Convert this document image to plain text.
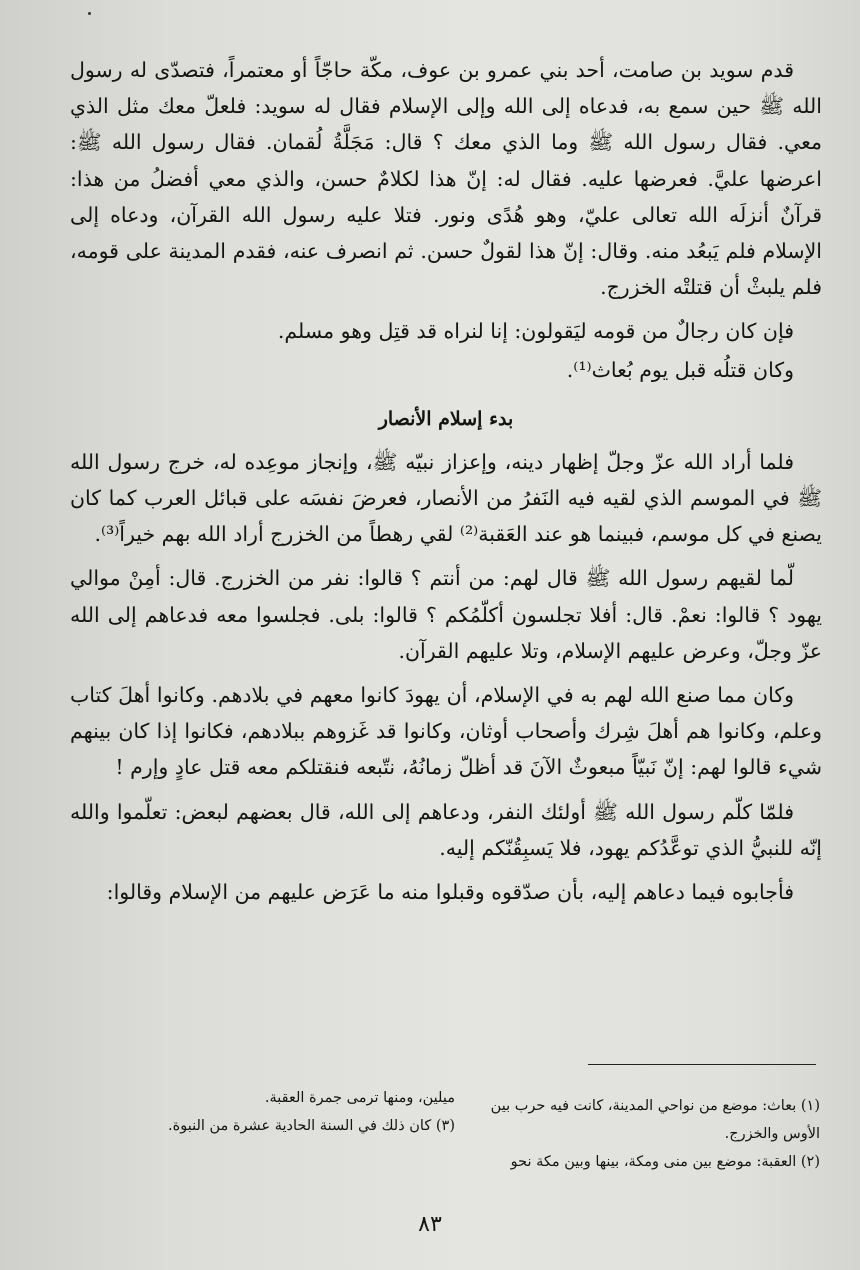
قدم سويد بن صامت، أحد بني عمرو بن عوف، مكّة حاجّاً أو معتمراً، فتصدّى له رسول الله ﷺ حين سمع به، فدعاه إلى الله وإلى الإسلام فقال له سويد: فلعلّ معك مثل الذي معي. فقال رسول الله ﷺ وما الذي معك ؟ قال: مَجَلَّةُ لُقمان. فقال رسول الله ﷺ: اعرضها عليَّ. فعرضها عليه. فقال له: إنّ هذا لكلامٌ حسن، والذي معي أفضلُ من هذا: قرآنٌ أنزلَه الله تعالى عليّ، وهو هُدًى ونور. فتلا عليه رسول الله القرآن، ودعاه إلى الإسلام فلم يَبعُد منه. وقال: إنّ هذا لقولٌ حسن. ثم انصرف عنه، فقدم المدينة على قومه، فلم يلبثْ أن قتلتْه الخزرج.

فإن كان رجالٌ من قومه ليَقولون: إنا لنراه قد قتِل وهو مسلم.

وكان قتلُه قبل يوم بُعاث⁽¹⁾.

بدء إسلام الأنصار

فلما أراد الله عزّ وجلّ إظهار دينه، وإعزاز نبيّه ﷺ، وإنجاز موعِده له، خرج رسول الله ﷺ في الموسم الذي لقيه فيه النَفرُ من الأنصار، فعرضَ نفسَه على قبائل العرب كما كان يصنع في كل موسم، فبينما هو عند العَقبة⁽²⁾ لقي رهطاً من الخزرج أراد الله بهم خيراً⁽³⁾.

لّما لقيهم رسول الله ﷺ قال لهم: من أنتم ؟ قالوا: نفر من الخزرج. قال: أمِنْ موالي يهود ؟ قالوا: نعمْ. قال: أفلا تجلسون أكلّمُكم ؟ قالوا: بلى. فجلسوا معه فدعاهم إلى الله عزّ وجلّ، وعرض عليهم الإسلام، وتلا عليهم القرآن.

وكان مما صنع الله لهم به في الإسلام، أن يهودَ كانوا معهم في بلادهم. وكانوا أهلَ كتاب وعلم، وكانوا هم أهلَ شِرك وأصحاب أوثان، وكانوا قد غَزوهم ببلادهم، فكانوا إذا كان بينهم شيء قالوا لهم: إنّ نَبيّاً مبعوثٌ الآنَ قد أظلّ زمانُهُ، نتّبعه فنقتلكم معه قتل عادٍ وإرم !

فلمّا كلّم رسول الله ﷺ أولئك النفر، ودعاهم إلى الله، قال بعضهم لبعض: تعلّموا والله إنّه للنبيُّ الذي توعَّدُكم يهود، فلا يَسبِقُنّكم إليه.

فأجابوه فيما دعاهم إليه، بأن صدّقوه وقبلوا منه ما عَرَض عليهم من الإسلام وقالوا:

(١) بعاث: موضع من نواحي المدينة، كانت فيه حرب بين الأوس والخزرج.

(٢) العقبة: موضع بين منى ومكة، بينها وبين مكة نحو

ميلين، ومنها ترمى جمرة العقبة.

(٣) كان ذلك في السنة الحادية عشرة من النبوة.

٨٣
